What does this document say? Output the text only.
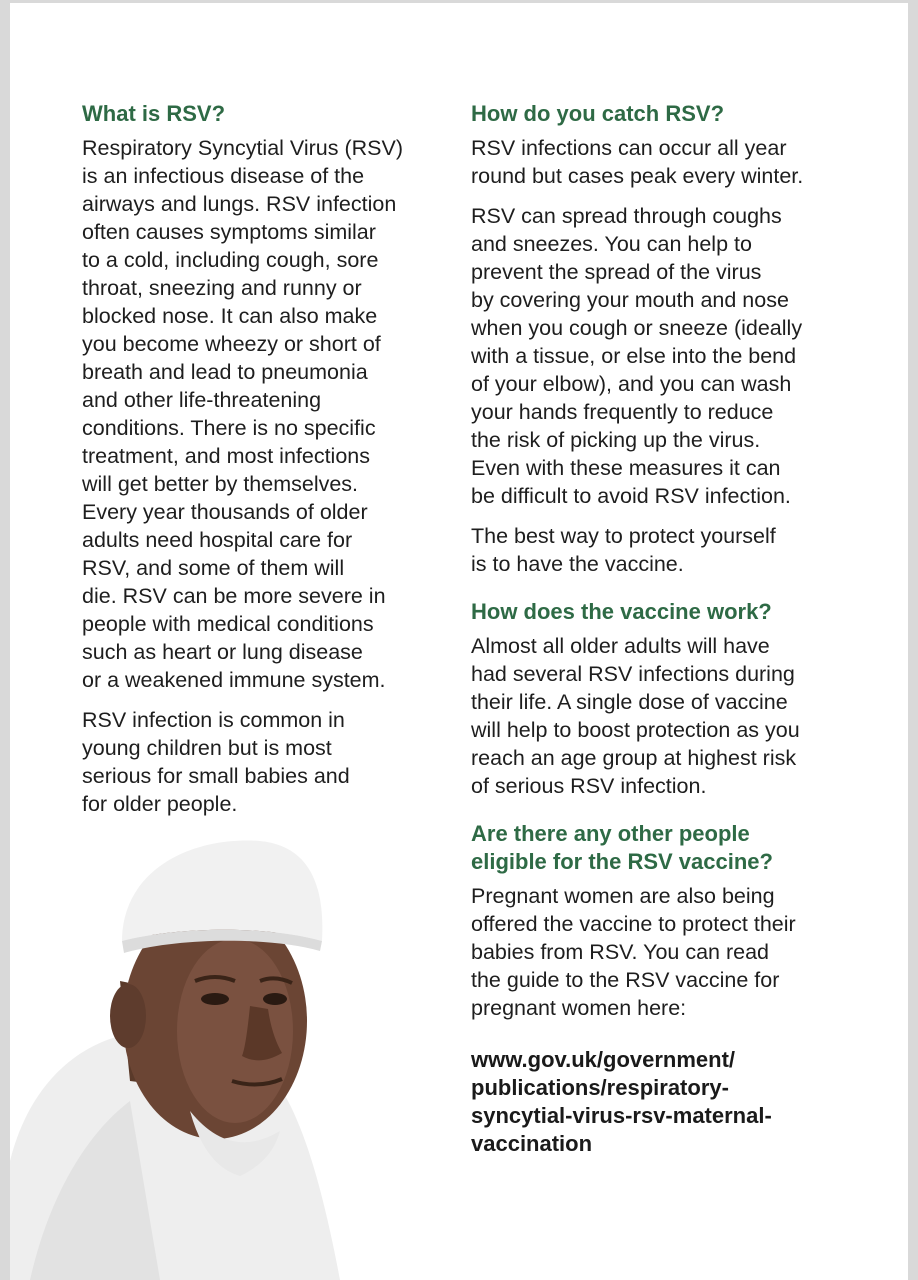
What is RSV?

Respiratory Syncytial Virus (RSV)
is an infectious disease of the
airways and lungs. RSV infection
often causes symptoms similar
to a cold, including cough, sore
throat, sneezing and runny or
blocked nose. It can also make
you become wheezy or short of
breath and lead to pneumonia
and other life-threatening
conditions. There is no specific
treatment, and most infections
will get better by themselves.
Every year thousands of older
adults need hospital care for
RSV, and some of them will
die. RSV can be more severe in
people with medical conditions
such as heart or lung disease
or a weakened immune system.

RSV infection is common in
young children but is most
serious for small babies and
for older people.

How do you catch RSV?

RSV infections can occur all year
round but cases peak every winter.

RSV can spread through coughs
and sneezes. You can help to
prevent the spread of the virus
by covering your mouth and nose
when you cough or sneeze (ideally
with a tissue, or else into the bend
of your elbow), and you can wash
your hands frequently to reduce
the risk of picking up the virus.
Even with these measures it can
be difficult to avoid RSV infection.

The best way to protect yourself
is to have the vaccine.

How does the vaccine work?

Almost all older adults will have
had several RSV infections during
their life. A single dose of vaccine
will help to boost protection as you
reach an age group at highest risk
of serious RSV infection.

Are there any other people
eligible for the RSV vaccine?

Pregnant women are also being
offered the vaccine to protect their
babies from RSV. You can read
the guide to the RSV vaccine for
pregnant women here:

www.gov.uk/government/
publications/respiratory-
syncytial-virus-rsv-maternal-
vaccination
